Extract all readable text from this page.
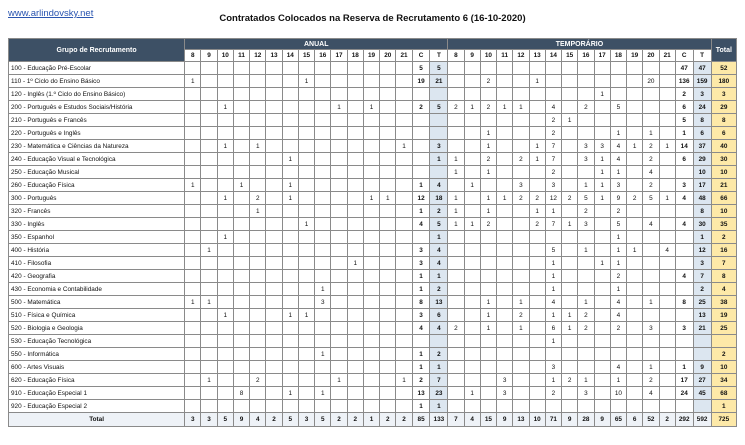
www.arlindovsky.net	Contratados Colocados na Reserva de Recrutamento 6 (16-10-2020)
Grupo de Recrutamento	ANUAL																TEMPORÁRIO																Total
	8	9	10	11	12	13	14	15	16	17	18	19	20	21	C	T	8	9	10	11	12	13	14	15	16	17	18	19	20	21	C	T	
100 - Educação Pré-Escolar															5	5															47	47	52
110 - 1º Ciclo do Ensino Básico	1							1							19	21			2			1							20		136	159	180
120 - Inglês (1.º Ciclo do Ensino Básico)																										1					2	3	3
200 - Português e Estudos Sociais/História			1							1		1			2	5	2	1	2	1	1		4		2		5				6	24	29
210 - Português e Francês																							2	1							5	8	8
220 - Português e Inglês																			1				2				1		1		1	6	6
230 - Matemática e Ciências da Natureza			1		1									1		3			1			1	7		3	3	4	1	2	1	14	37	40
240 - Educação Visual e Tecnológica							1									1	1		2		2	1	7		3	1	4		2		6	29	30
250 - Educação Musical																	1		1				2			1	1		4			10	10
260 - Educação Física	1			1			1								1	4		1			3		3		1	1	3		2		3	17	21
300 - Português			1		2		1					1	1		12	18	1		1	1	2	2	12	2	5	1	9	2	5	1	4	48	66
320 - Francês					1										1	2	1		1			1	1		2		2					8	10
330 - Inglês								1							4	5	1	1	2			2	7	1	3		5		4		4	30	35
350 - Espanhol			1													1											1					1	2
400 - História		1													3	4							5		1		1	1		4		12	16
410 - Filosofia											1				3	4							1			1	1					3	7
420 - Geografia															1	1							1				2				4	7	8
430 - Economia e Contabilidade									1						1	2							1				1					2	4
500 - Matemática	1	1							3						8	13			1		1		4		1		4		1		8	25	38
510 - Física e Química			1				1	1							3	6			1		2		1	1	2		4					13	19
520 - Biologia e Geologia															4	4	2		1		1		6	1	2		2		3		3	21	25
530 - Educação Tecnológica																							1										
550 - Informática									1						1	2																	2
600 - Artes Visuais															1	1							3				4		1		1	9	10
620 - Educação Física		1			2					1				1	2	7				3			1	2	1		1		2		17	27	34
910 - Educação Especial 1				8			1		1						13	23		1		3			2		3		10		4		24	45	68
920 - Educação Especial 2															1	1																	1
Total	3	3	5	9	4	2	5	3	5	2	2	1	2	2	85	133	7	4	15	9	13	10	71	9	28	9	65	6	52	2	292	592	725
